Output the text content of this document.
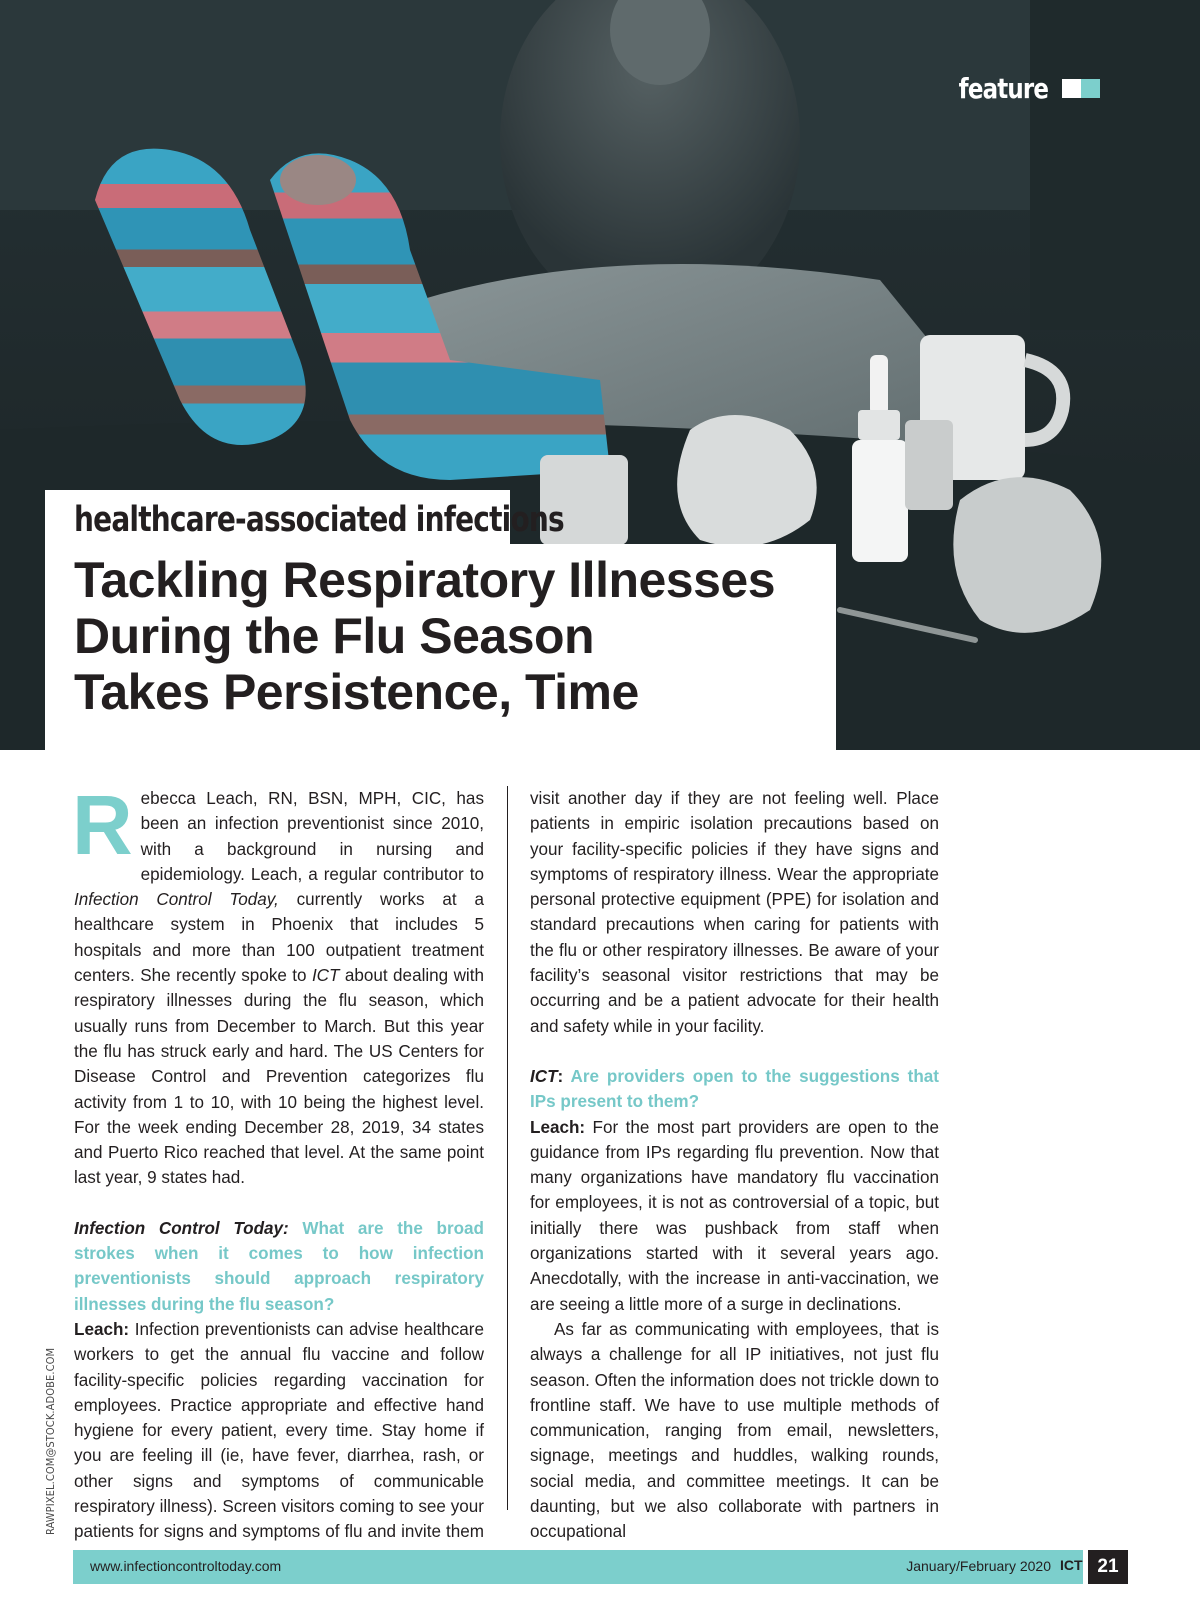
feature
healthcare-associated infections
Tackling Respiratory Illnesses
During the Flu Season
Takes Persistence, Time

Rebecca Leach, RN, BSN, MPH, CIC, has been an infection preventionist since 2010, with a background in nursing and epidemiology. Leach, a regular contributor to Infection Control Today, currently works at a healthcare system in Phoenix that includes 5 hospitals and more than 100 outpatient treatment centers. She recently spoke to ICT about dealing with respiratory illnesses during the flu season, which usually runs from December to March. But this year the flu has struck early and hard. The US Centers for Disease Control and Prevention categorizes flu activity from 1 to 10, with 10 being the highest level. For the week ending December 28, 2019, 34 states and Puerto Rico reached that level. At the same point last year, 9 states had.

Infection Control Today: What are the broad strokes when it comes to how infection preventionists should approach respiratory illnesses during the flu season?

Leach: Infection preventionists can advise healthcare workers to get the annual flu vaccine and follow facility-specific policies regarding vaccination for employees. Practice appropriate and effective hand hygiene for every patient, every time. Stay home if you are feeling ill (ie, have fever, diarrhea, rash, or other signs and symptoms of communicable respiratory illness). Screen visitors coming to see your patients for signs and symptoms of flu and invite them

visit another day if they are not feeling well. Place patients in empiric isolation precautions based on your facility-specific policies if they have signs and symptoms of respiratory illness. Wear the appropriate personal protective equipment (PPE) for isolation and standard precautions when caring for patients with the flu or other respiratory illnesses. Be aware of your facility’s seasonal visitor restrictions that may be occurring and be a patient advocate for their health and safety while in your facility.

ICT: Are providers open to the suggestions that IPs present to them?

Leach: For the most part providers are open to the guidance from IPs regarding flu prevention. Now that many organizations have mandatory flu vaccination for employees, it is not as controversial of a topic, but initially there was pushback from staff when organizations started with it several years ago. Anecdotally, with the increase in anti-vaccination, we are seeing a little more of a surge in declinations.

As far as communicating with employees, that is always a challenge for all IP initiatives, not just flu season. Often the information does not trickle down to frontline staff. We have to use multiple methods of communication, ranging from email, newsletters, signage, meetings and huddles, walking rounds, social media, and committee meetings. It can be daunting, but we also collaborate with partners in occupational

RAWPIXEL.COM@STOCK.ADOBE.COM
www.infectioncontroltoday.com	January/February 2020 ICT 21
